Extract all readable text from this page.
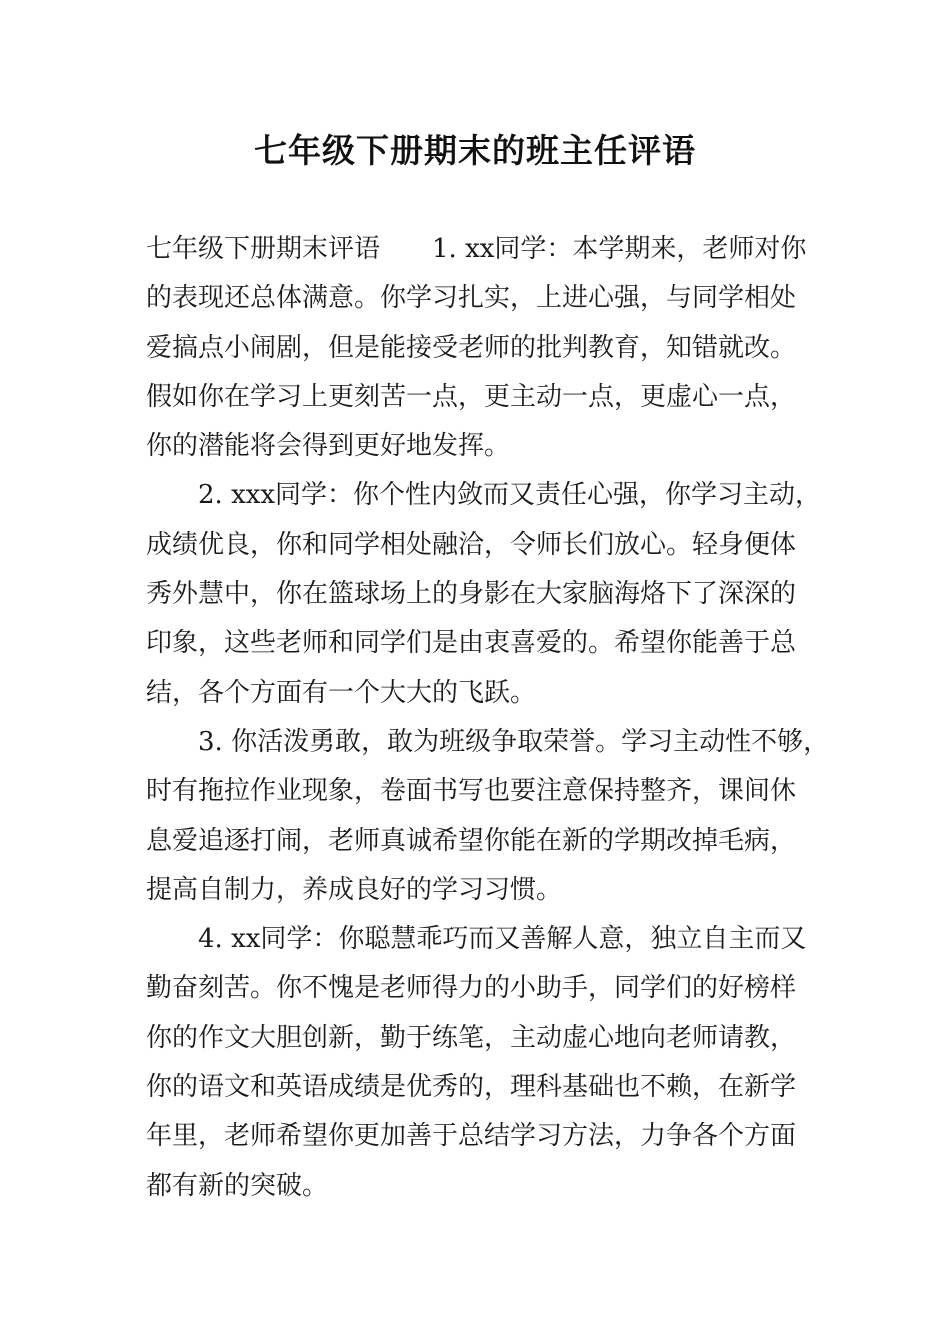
七年级下册期末的班主任评语
七年级下册期末评语　　1. xx同学：本学期来，老师对你
的表现还总体满意。你学习扎实，上进心强，与同学相处
爱搞点小闹剧，但是能接受老师的批判教育，知错就改。
假如你在学习上更刻苦一点，更主动一点，更虚心一点，
你的潜能将会得到更好地发挥。
2. xxx同学：你个性内敛而又责任心强，你学习主动，
成绩优良，你和同学相处融洽，令师长们放心。轻身便体
秀外慧中，你在篮球场上的身影在大家脑海烙下了深深的
印象，这些老师和同学们是由衷喜爱的。希望你能善于总
结，各个方面有一个大大的飞跃。
3. 你活泼勇敢，敢为班级争取荣誉。学习主动性不够，
时有拖拉作业现象，卷面书写也要注意保持整齐，课间休
息爱追逐打闹，老师真诚希望你能在新的学期改掉毛病，
提高自制力，养成良好的学习习惯。
4. xx同学：你聪慧乖巧而又善解人意，独立自主而又
勤奋刻苦。你不愧是老师得力的小助手，同学们的好榜样
你的作文大胆创新，勤于练笔，主动虚心地向老师请教，
你的语文和英语成绩是优秀的，理科基础也不赖，在新学
年里，老师希望你更加善于总结学习方法，力争各个方面
都有新的突破。
